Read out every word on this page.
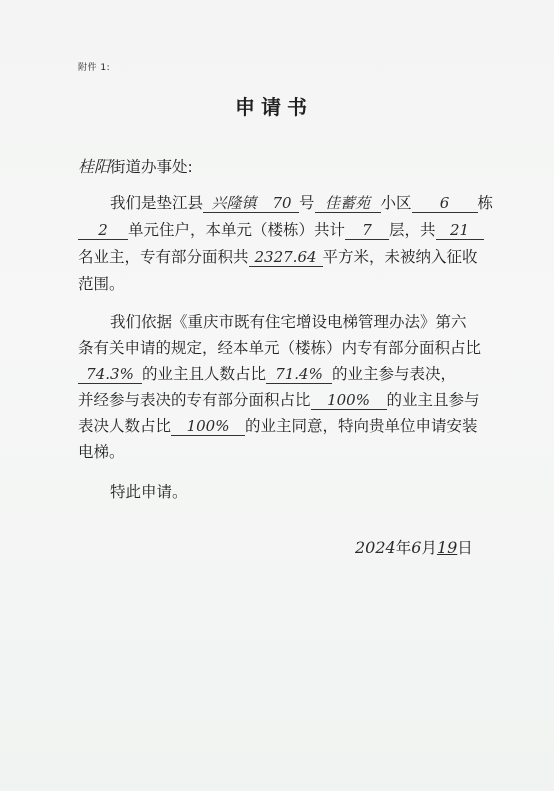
附件 1:
申请书
桂阳街道办事处:
我们是垫江县 兴隆镇 70 号 佳蓄苑 小区 6 栋
2 单元住户，本单元（楼栋）共计 7 层，共 21
名业主，专有部分面积共 2327.64 平方米，未被纳入征收
范围。
我们依据《重庆市既有住宅增设电梯管理办法》第六
条有关申请的规定，经本单元（楼栋）内专有部分面积占比
74.3% 的业主且人数占比 71.4% 的业主参与表决，
并经参与表决的专有部分面积占比 100% 的业主且参与
表决人数占比 100% 的业主同意，特向贵单位申请安装
电梯。
特此申请。
2024年6月19日
